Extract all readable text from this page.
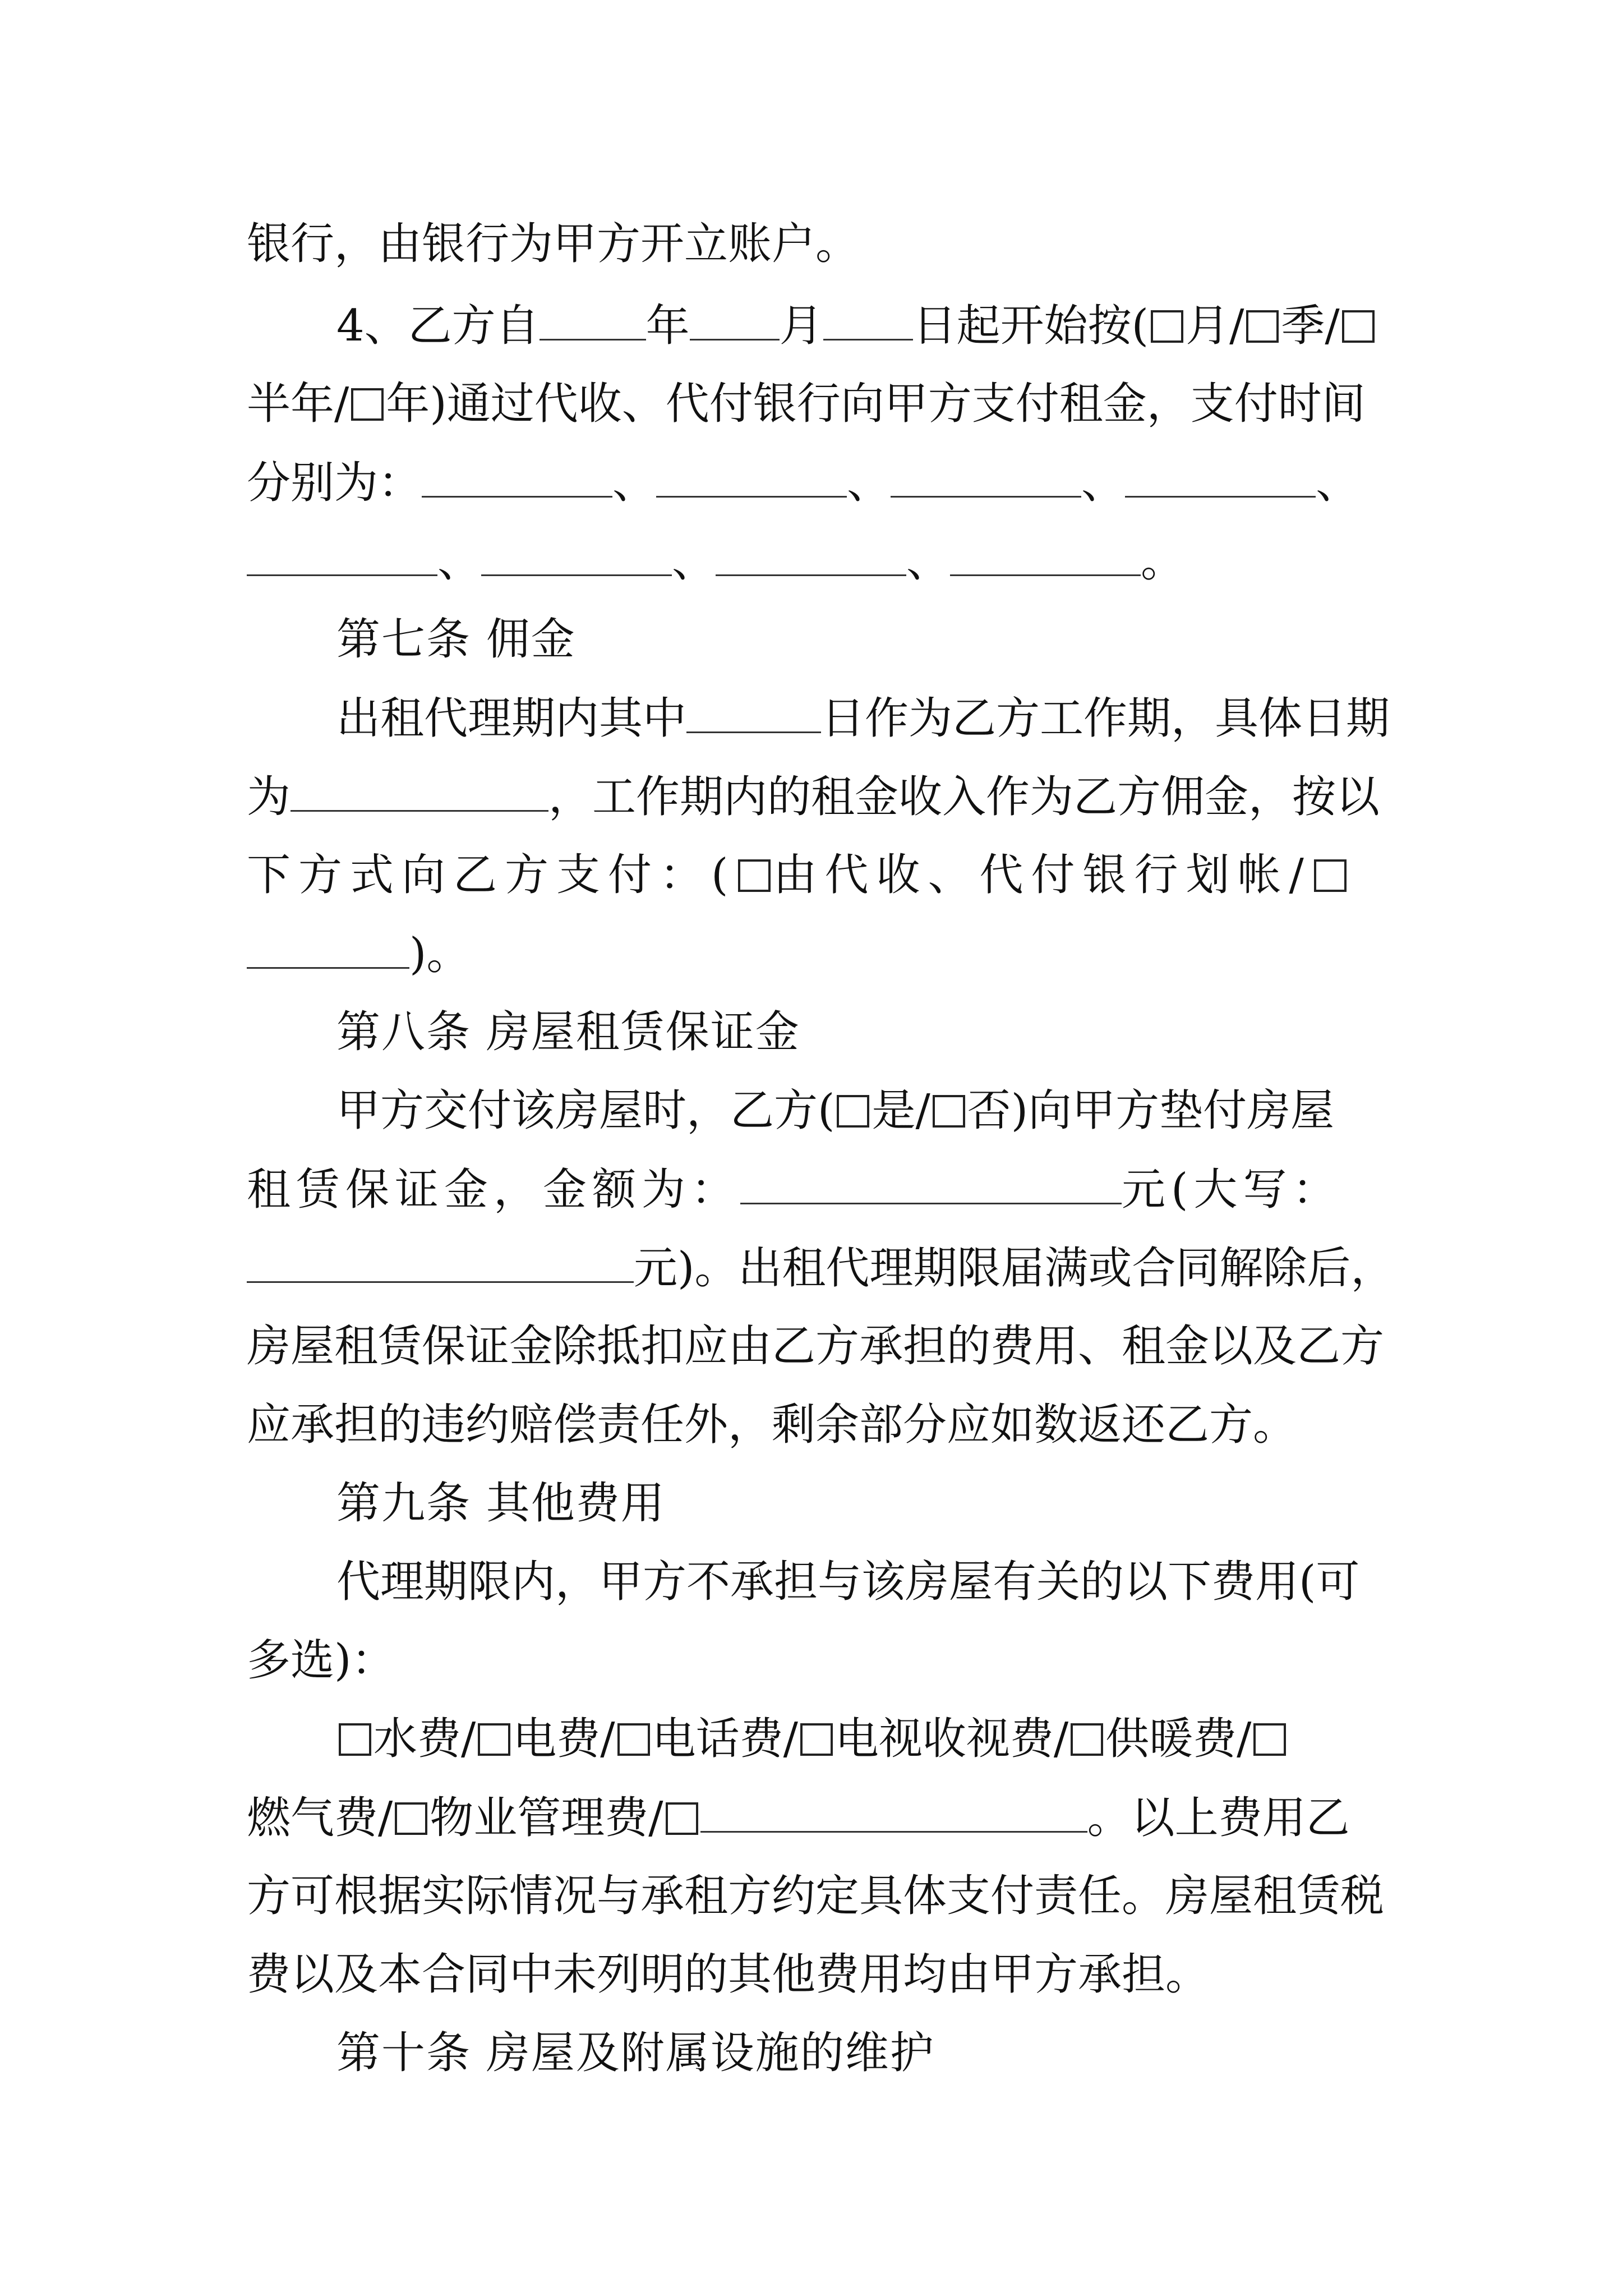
银行，由银行为甲方开立账户。
4、乙方自 年 月 日起开始按( 月/ 季/
半年/ 年)通过代收、代付银行向甲方支付租金，支付时间
分别为：	、	、	、	、
、	、	、	。
第七条 佣金
出租代理期内其中	日作为乙方工作期，具体日期
为	，工作期内的租金收入作为乙方佣金，按以
下方式向乙方支付：( 由代收、代付银行划帐/
)。
第八条 房屋租赁保证金
甲方交付该房屋时，乙方( 是/ 否)向甲方垫付房屋
租赁保证金，金额为：	元(大写：
元)。出租代理期限届满或合同解除后，
房屋租赁保证金除抵扣应由乙方承担的费用、租金以及乙方
应承担的违约赔偿责任外，剩余部分应如数返还乙方。
第九条 其他费用
代理期限内，甲方不承担与该房屋有关的以下费用(可
多选)：
水费/ 电费/ 电话费/ 电视收视费/ 供暖费/
燃气费/ 物业管理费/	。以上费用乙
方可根据实际情况与承租方约定具体支付责任。房屋租赁税
费以及本合同中未列明的其他费用均由甲方承担。
第十条 房屋及附属设施的维护
